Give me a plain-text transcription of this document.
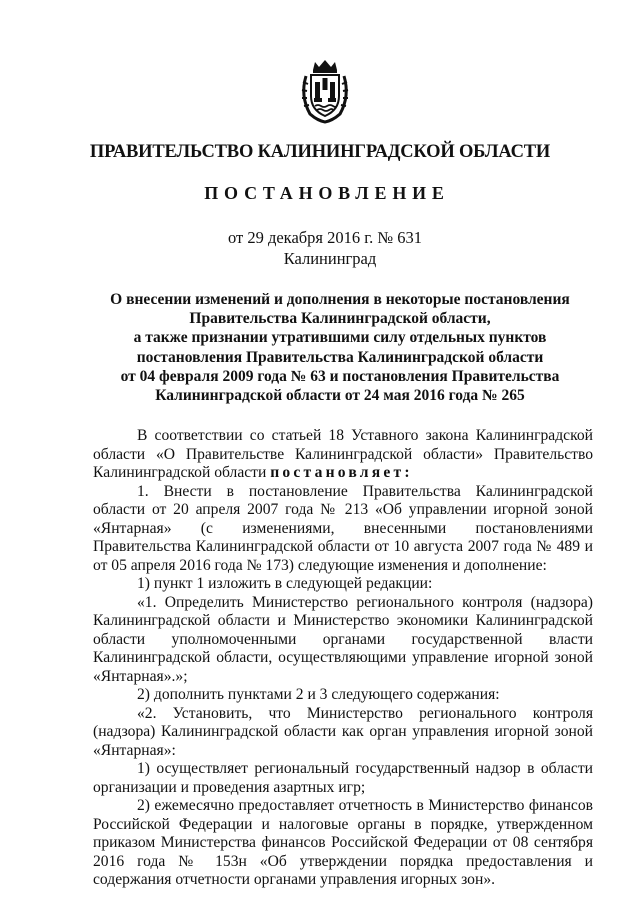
ПРАВИТЕЛЬСТВО КАЛИНИНГРАДСКОЙ ОБЛАСТИ
ПОСТАНОВЛЕНИЕ
от 29 декабря 2016 г. № 631
Калининград
О внесении изменений и дополнения в некоторые постановления
Правительства Калининградской области,
а также признании утратившими силу отдельных пунктов
постановления Правительства Калининградской области
от 04 февраля 2009 года № 63 и постановления Правительства
Калининградской области от 24 мая 2016 года № 265

В соответствии со статьей 18 Уставного закона Калининградской области «О Правительстве Калининградской области» Правительство Калининградской области постановляет:

1. Внести в постановление Правительства Калининградской области от 20 апреля 2007 года № 213 «Об управлении игорной зоной «Янтарная» (с изменениями, внесенными постановлениями Правительства Калининградской области от 10 августа 2007 года № 489 и от 05 апреля 2016 года № 173) следующие изменения и дополнение:

1) пункт 1 изложить в следующей редакции:

«1. Определить Министерство регионального контроля (надзора) Калининградской области и Министерство экономики Калининградской области уполномоченными органами государственной власти Калининградской области, осуществляющими управление игорной зоной «Янтарная».»;

2) дополнить пунктами 2 и 3 следующего содержания:

«2. Установить, что Министерство регионального контроля (надзора) Калининградской области как орган управления игорной зоной «Янтарная»:

1) осуществляет региональный государственный надзор в области организации и проведения азартных игр;

2) ежемесячно предоставляет отчетность в Министерство финансов Российской Федерации и налоговые органы в порядке, утвержденном приказом Министерства финансов Российской Федерации от 08 сентября 2016 года № 153н «Об утверждении порядка предоставления и содержания отчетности органами управления игорных зон».
